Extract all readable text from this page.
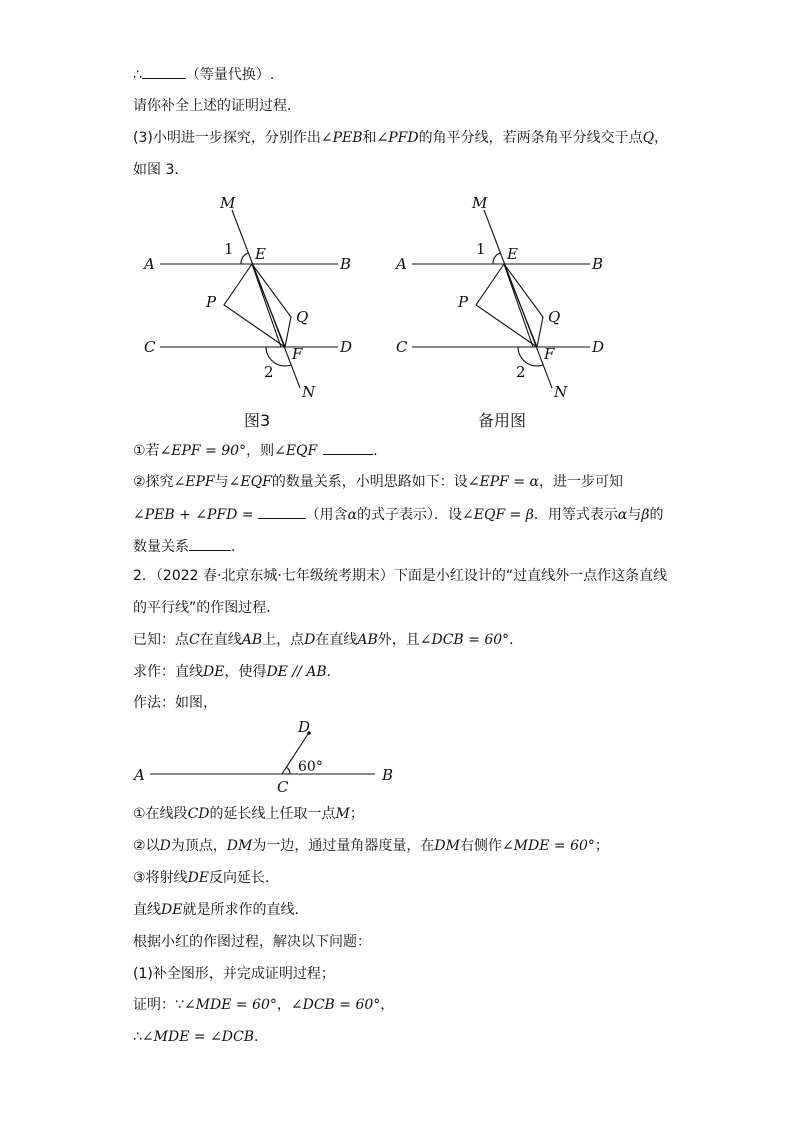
∴	（等量代换）.
请你补全上述的证明过程．
(3)小明进一步探究，分别作出∠PEB和∠PFD的角平分线，若两条角平分线交于点Q，
如图 3．
M
A
E
B
P
Q
C	F	D
N
1
2
图3
M
A
E
B
P
Q
C	F	D
N
1
2
备用图
①若∠EPF = 90°，则∠EQF	．
②探究∠EPF与∠EQF的数量关系，小明思路如下：设∠EPF = α，进一步可知
∠PEB + ∠PFD =	（用含α的式子表示）．设∠EQF = β．用等式表示α与β的
数量关系	．
2．（2022 春·北京东城·七年级统考期末）下面是小红设计的“过直线外一点作这条直线
的平行线”的作图过程．
已知：点C在直线AB上，点D在直线AB外，且∠DCB = 60°．
求作：直线DE，使得DE // AB．
作法：如图，
A	B
C
D
60°
①在线段CD的延长线上任取一点M；
②以D为顶点，DM为一边，通过量角器度量，在DM右侧作∠MDE = 60°；
③将射线DE反向延长．
直线DE就是所求作的直线．
根据小红的作图过程，解决以下问题：
(1)补全图形，并完成证明过程；
证明：∵∠MDE = 60°，∠DCB = 60°，
∴∠MDE = ∠DCB．
